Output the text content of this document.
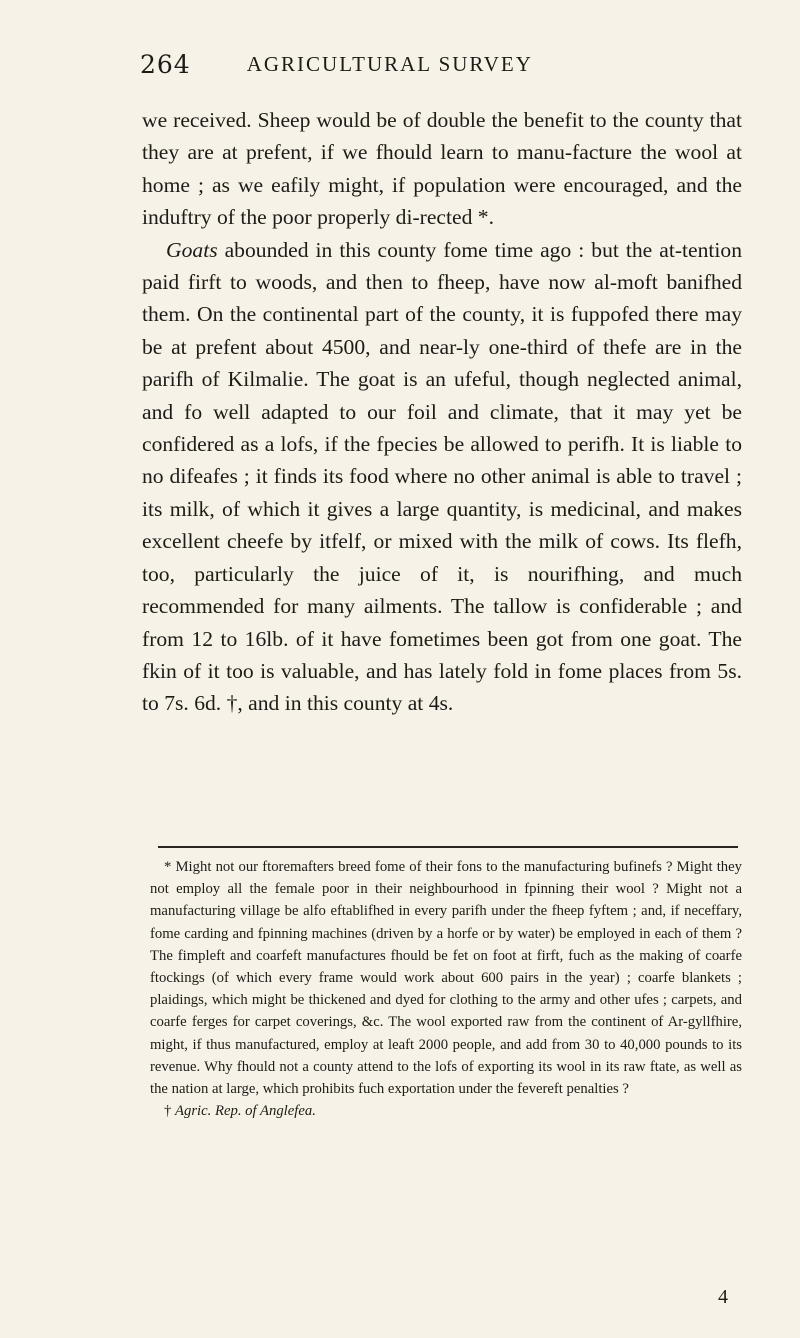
264	AGRICULTURAL SURVEY

we received. Sheep would be of double the benefit to the county that they are at prefent, if we fhould learn to manu-facture the wool at home ; as we eafily might, if population were encouraged, and the induftry of the poor properly di-rected *.

Goats abounded in this county fome time ago : but the at-tention paid firft to woods, and then to fheep, have now al-moft banifhed them. On the continental part of the county, it is fuppofed there may be at prefent about 4500, and near-ly one-third of thefe are in the parifh of Kilmalie. The goat is an ufeful, though neglected animal, and fo well adapted to our foil and climate, that it may yet be confidered as a lofs, if the fpecies be allowed to perifh. It is liable to no difeafes ; it finds its food where no other animal is able to travel ; its milk, of which it gives a large quantity, is medicinal, and makes excellent cheefe by itfelf, or mixed with the milk of cows. Its flefh, too, particularly the juice of it, is nourifhing, and much recommended for many ailments. The tallow is confiderable ; and from 12 to 16lb. of it have fometimes been got from one goat. The fkin of it too is valuable, and has lately fold in fome places from 5s. to 7s. 6d. †, and in this county at 4s.

* Might not our ftoremafters breed fome of their fons to the manufacturing bufinefs ? Might they not employ all the female poor in their neighbourhood in fpinning their wool ? Might not a manufacturing village be alfo eftablifhed in every parifh under the fheep fyftem ; and, if neceffary, fome carding and fpinning machines (driven by a horfe or by water) be employed in each of them ? The fimpleft and coarfeft manufactures fhould be fet on foot at firft, fuch as the making of coarfe ftockings (of which every frame would work about 600 pairs in the year) ; coarfe blankets ; plaidings, which might be thickened and dyed for clothing to the army and other ufes ; carpets, and coarfe ferges for carpet coverings, &c. The wool exported raw from the continent of Ar-gyllfhire, might, if thus manufactured, employ at leaft 2000 people, and add from 30 to 40,000 pounds to its revenue. Why fhould not a county attend to the lofs of exporting its wool in its raw ftate, as well as the nation at large, which prohibits fuch exportation under the fevereft penalties ?

† Agric. Rep. of Anglefea.

4
